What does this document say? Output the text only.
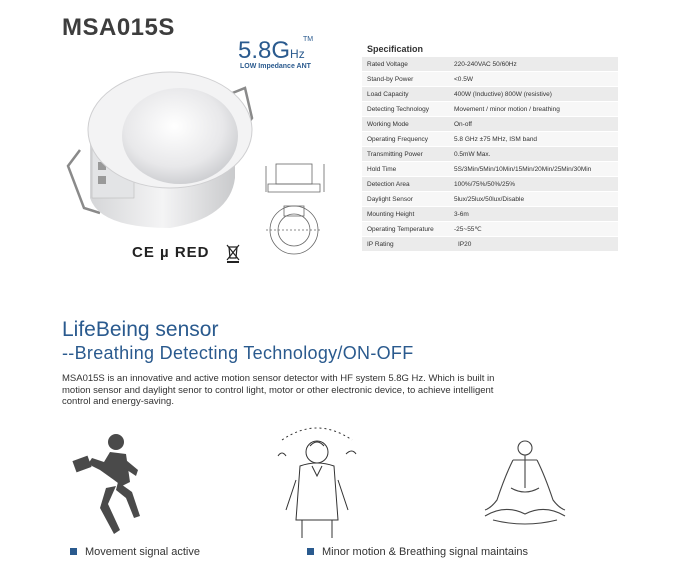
MSA015S
5.8GHz
TM
LOW Impedance ANT
CE µ RED
Specification
Rated Voltage	220-240VAC 50/60Hz
Stand-by Power	<0.5W
Load Capacity	400W (Inductive) 800W (resistive)
Detecting Technology	Movement / minor motion / breathing
Working Mode	On-off
Operating Frequency	5.8 GHz ±75 MHz, ISM band
Transmitting Power	0.5mW Max.
Hold Time	5S/3Min/5Min/10Min/15Min/20Min/25Min/30Min
Detection Area	100%/75%/50%/25%
Daylight Sensor	5lux/25lux/50lux/Disable
Mounting Height	3-6m
Operating Temperature	-25~55℃
IP Rating	IP20
LifeBeing sensor
--Breathing Detecting Technology/ON-OFF
MSA015S is an innovative and active motion sensor detector with HF system 5.8G Hz. Which is built in motion sensor and daylight senor to control light, motor or other electronic device, to achieve intelligent control and energy-saving.
Movement signal active	Minor motion & Breathing signal maintains
